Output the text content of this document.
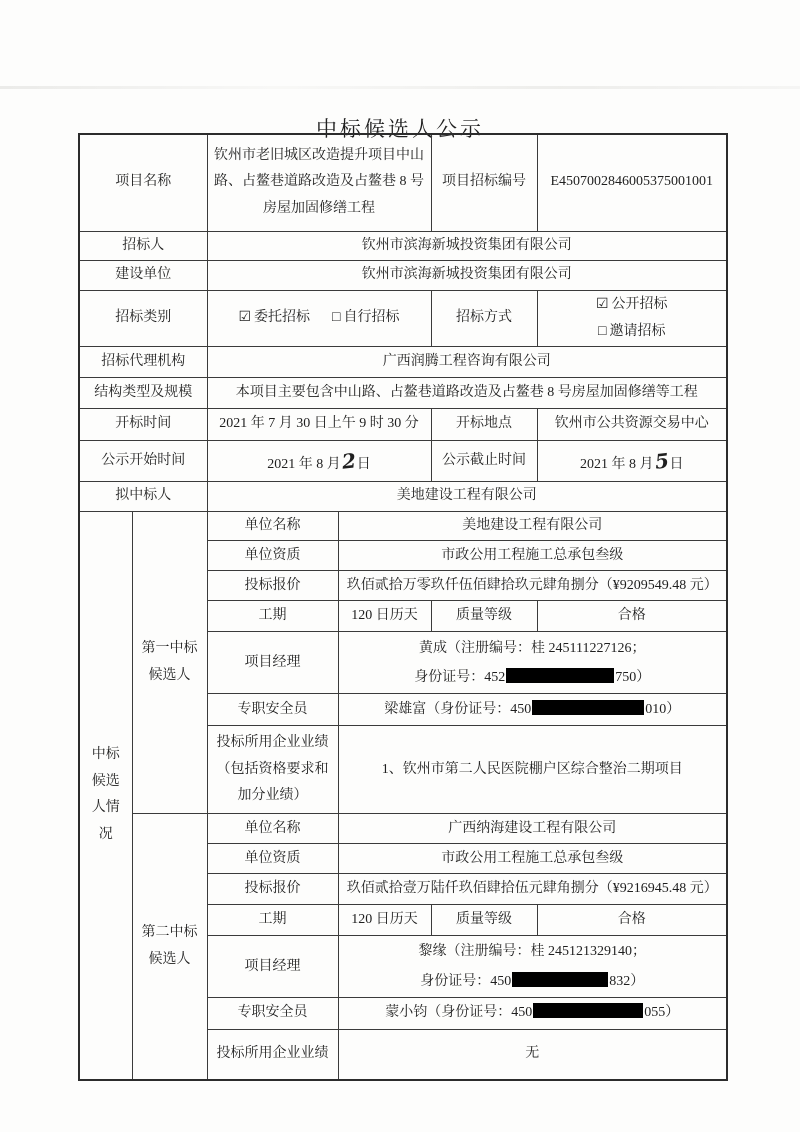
中标候选人公示
项目名称		钦州市老旧城区改造提升项目中山路、占鳌巷道路改造及占鳌巷 8 号房屋加固修缮工程		项目招标编号	E4507002846005375001001
招标人		钦州市滨海新城投资集团有限公司			
建设单位		钦州市滨海新城投资集团有限公司			
招标类别		☑ 委托招标 □ 自行招标		招标方式	☑ 公开招标□ 邀请招标
招标代理机构		广西润腾工程咨询有限公司			
结构类型及规模		本项目主要包含中山路、占鳌巷道路改造及占鳌巷 8 号房屋加固修缮等工程			
开标时间		2021 年 7 月 30 日上午 9 时 30 分		开标地点	钦州市公共资源交易中心
公示开始时间		2021 年 8 月2日		公示截止时间	2021 年 8 月5日
拟中标人		美地建设工程有限公司			
中标候选人情况	第一中标候选人	单位名称	美地建设工程有限公司		
		单位资质	市政公用工程施工总承包叁级		
		投标报价	玖佰贰拾万零玖仟伍佰肆拾玖元肆角捌分（¥9209549.48 元）		
		工期	120 日历天	质量等级	合格
		项目经理	黄成（注册编号：桂 245111227126；
身份证号：452 750）		

		专职安全员	梁雄富（身份证号：450 010）		
		投标所用企业业绩（包括资格要求和加分业绩）	1、钦州市第二人民医院棚户区综合整治二期项目		
	第二中标候选人	单位名称	广西纳海建设工程有限公司		
		单位资质	市政公用工程施工总承包叁级		
		投标报价	玖佰贰拾壹万陆仟玖佰肆拾伍元肆角捌分（¥9216945.48 元）		
		工期	120 日历天	质量等级	合格
		项目经理	黎缘（注册编号：桂 245121329140；
身份证号：450 832）		

		专职安全员	蒙小钧（身份证号：450 055）		
		投标所用企业业绩	无		
